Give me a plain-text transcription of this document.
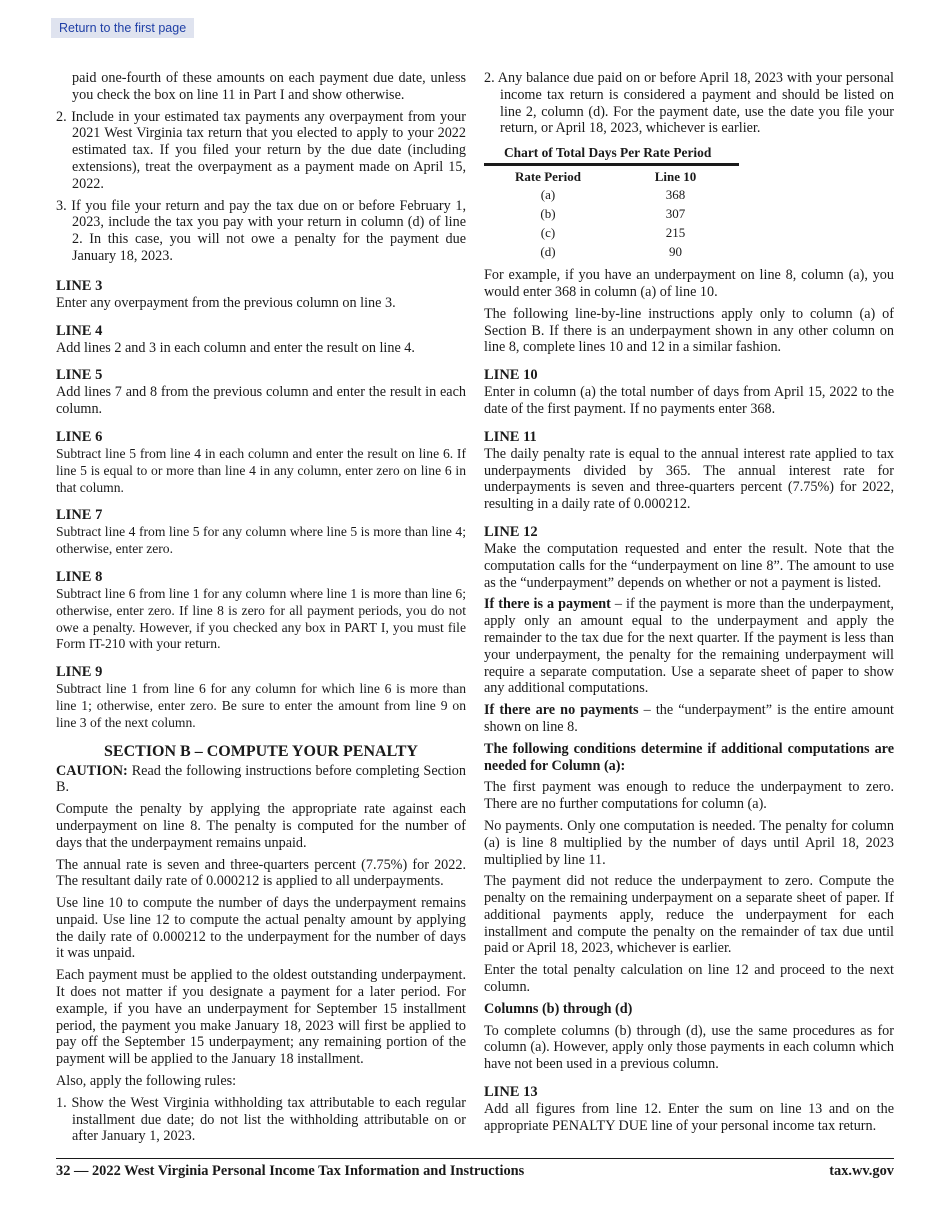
Return to the first page

paid one-fourth of these amounts on each payment due date, unless you check the box on line 11 in Part I and show otherwise.

2. Include in your estimated tax payments any overpayment from your 2021 West Virginia tax return that you elected to apply to your 2022 estimated tax. If you filed your return by the due date (including extensions), treat the overpayment as a payment made on April 15, 2022.

3. If you file your return and pay the tax due on or before February 1, 2023, include the tax you pay with your return in column (d) of line 2. In this case, you will not owe a penalty for the payment due January 18, 2023.

LINE 3

Enter any overpayment from the previous column on line 3.

LINE 4

Add lines 2 and 3 in each column and enter the result on line 4.

LINE 5

Add lines 7 and 8 from the previous column and enter the result in each column.

LINE 6

Subtract line 5 from line 4 in each column and enter the result on line 6. If line 5 is equal to or more than line 4 in any column, enter zero on line 6 in that column.

LINE 7

Subtract line 4 from line 5 for any column where line 5 is more than line 4; otherwise, enter zero.

LINE 8

Subtract line 6 from line 1 for any column where line 1 is more than line 6; otherwise, enter zero. If line 8 is zero for all payment periods, you do not owe a penalty. However, if you checked any box in PART I, you must file Form IT-210 with your return.

LINE 9

Subtract line 1 from line 6 for any column for which line 6 is more than line 1; otherwise, enter zero. Be sure to enter the amount from line 9 on line 3 of the next column.

SECTION B – COMPUTE YOUR PENALTY

CAUTION: Read the following instructions before completing Section B.

Compute the penalty by applying the appropriate rate against each underpayment on line 8. The penalty is computed for the number of days that the underpayment remains unpaid.

The annual rate is seven and three-quarters percent (7.75%) for 2022. The resultant daily rate of 0.000212 is applied to all underpayments.

Use line 10 to compute the number of days the underpayment remains unpaid. Use line 12 to compute the actual penalty amount by applying the daily rate of 0.000212 to the underpayment for the number of days it was unpaid.

Each payment must be applied to the oldest outstanding underpayment. It does not matter if you designate a payment for a later period. For example, if you have an underpayment for September 15 installment period, the payment you make January 18, 2023 will first be applied to pay off the September 15 underpayment; any remaining portion of the payment will be applied to the January 18 installment.

Also, apply the following rules:

1. Show the West Virginia withholding tax attributable to each regular installment due date; do not list the withholding attributable on or after January 1, 2023.

2. Any balance due paid on or before April 18, 2023 with your personal income tax return is considered a payment and should be listed on line 2, column (d). For the payment date, use the date you file your return, or April 18, 2023, whichever is earlier.

Chart of Total Days Per Rate Period
Rate Period	Line 10
(a)	368
(b)	307
(c)	215
(d)	90

For example, if you have an underpayment on line 8, column (a), you would enter 368 in column (a) of line 10.

The following line-by-line instructions apply only to column (a) of Section B. If there is an underpayment shown in any other column on line 8, complete lines 10 and 12 in a similar fashion.

LINE 10

Enter in column (a) the total number of days from April 15, 2022 to the date of the first payment. If no payments enter 368.

LINE 11

The daily penalty rate is equal to the annual interest rate applied to tax underpayments divided by 365. The annual interest rate for underpayments is seven and three-quarters percent (7.75%) for 2022, resulting in a daily rate of 0.000212.

LINE 12

Make the computation requested and enter the result. Note that the computation calls for the “underpayment on line 8”. The amount to use as the “underpayment” depends on whether or not a payment is listed.

If there is a payment – if the payment is more than the underpayment, apply only an amount equal to the underpayment and apply the remainder to the tax due for the next quarter. If the payment is less than your underpayment, the penalty for the remaining underpayment will require a separate computation. Use a separate sheet of paper to show any additional computations.

If there are no payments – the “underpayment” is the entire amount shown on line 8.

The following conditions determine if additional computations are needed for Column (a):

The first payment was enough to reduce the underpayment to zero. There are no further computations for column (a).

No payments. Only one computation is needed. The penalty for column (a) is line 8 multiplied by the number of days until April 18, 2023 multiplied by line 11.

The payment did not reduce the underpayment to zero. Compute the penalty on the remaining underpayment on a separate sheet of paper. If additional payments apply, reduce the underpayment for each installment and compute the penalty on the remainder of tax due until paid or April 18, 2023, whichever is earlier.

Enter the total penalty calculation on line 12 and proceed to the next column.

Columns (b) through (d)

To complete columns (b) through (d), use the same procedures as for column (a). However, apply only those payments in each column which have not been used in a previous column.

LINE 13

Add all figures from line 12. Enter the sum on line 13 and on the appropriate PENALTY DUE line of your personal income tax return.

32 — 2022 West Virginia Personal Income Tax Information and Instructions	tax.wv.gov
